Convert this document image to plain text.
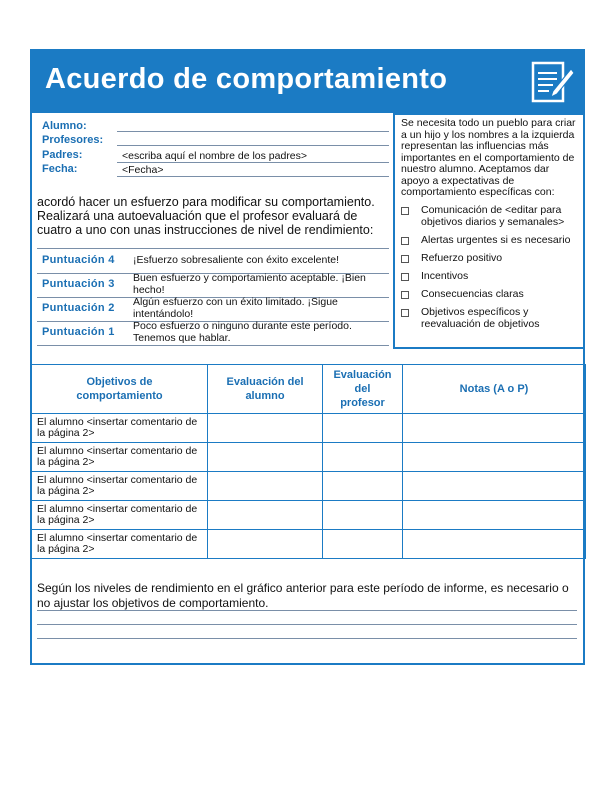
Acuerdo de comportamiento
Alumno:
Profesores:
Padres:	<escriba aquí el nombre de los padres>
Fecha:	<Fecha>
acordó hacer un esfuerzo para modificar su comportamiento. Realizará una autoevaluación que el profesor evaluará de cuatro a uno con unas instrucciones de nivel de rendimiento:
Puntuación 4 ¡Esfuerzo sobresaliente con éxito excelente!
Puntuación 3 Buen esfuerzo y comportamiento aceptable. ¡Bien hecho!
Puntuación 2 Algún esfuerzo con un éxito limitado. ¡Sigue intentándolo!
Puntuación 1 Poco esfuerzo o ninguno durante este período. Tenemos que hablar.
Se necesita todo un pueblo para criar a un hijo y los nombres a la izquierda representan las influencias más importantes en el comportamiento de nuestro alumno. Aceptamos dar apoyo a expectativas de comportamiento específicas con:
Comunicación de <editar para objetivos diarios y semanales>
Alertas urgentes si es necesario
Refuerzo positivo
Incentivos
Consecuencias claras
Objetivos específicos y reevaluación de objetivos
Objetivos de comportamiento	Evaluación del alumno	Evaluación del profesor	Notas (A o P)
El alumno <insertar comentario de la página 2>			
El alumno <insertar comentario de la página 2>			
El alumno <insertar comentario de la página 2>			
El alumno <insertar comentario de la página 2>			
El alumno <insertar comentario de la página 2>			
Según los niveles de rendimiento en el gráfico anterior para este período de informe, es necesario o no ajustar los objetivos de comportamiento.
